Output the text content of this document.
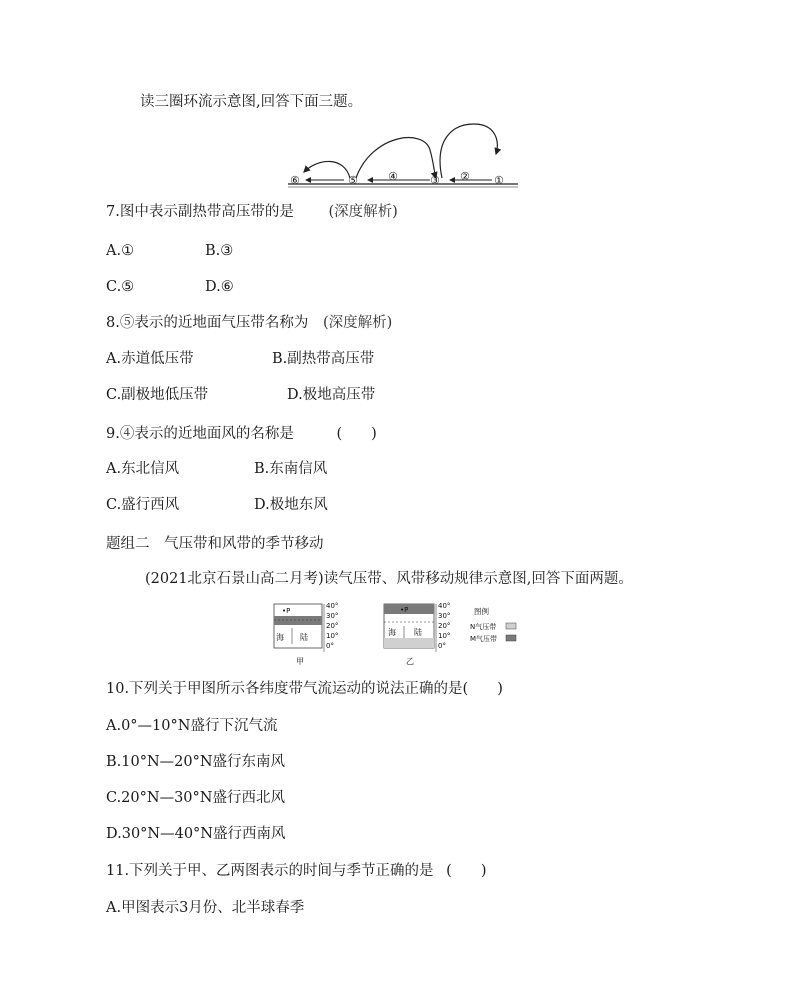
读三圈环流示意图,回答下面三题。
⑥	⑤	④	③ ② ①
7.图中表示副热带高压带的是 (深度解析)
A.①	B.③
C.⑤	D.⑥
8.⑤表示的近地面气压带名称为 (深度解析)
A.赤道低压带	B.副热带高压带
C.副极地低压带	D.极地高压带
9.④表示的近地面风的名称是	(　　)
A.东北信风	B.东南信风
C.盛行西风	D.极地东风
题组二　气压带和风带的季节移动
(2021北京石景山高二月考)读气压带、风带移动规律示意图,回答下面两题。
•P
海 陆
40°
30°
20°
10°
0°
甲
•P
海 陆
40°
30°
20°
10°
0°
乙
图例
N气压带
M气压带
10.下列关于甲图所示各纬度带气流运动的说法正确的是(　　)
A.0°—10°N盛行下沉气流
B.10°N—20°N盛行东南风
C.20°N—30°N盛行西北风
D.30°N—40°N盛行西南风
11.下列关于甲、乙两图表示的时间与季节正确的是 (　　)
A.甲图表示3月份、北半球春季
